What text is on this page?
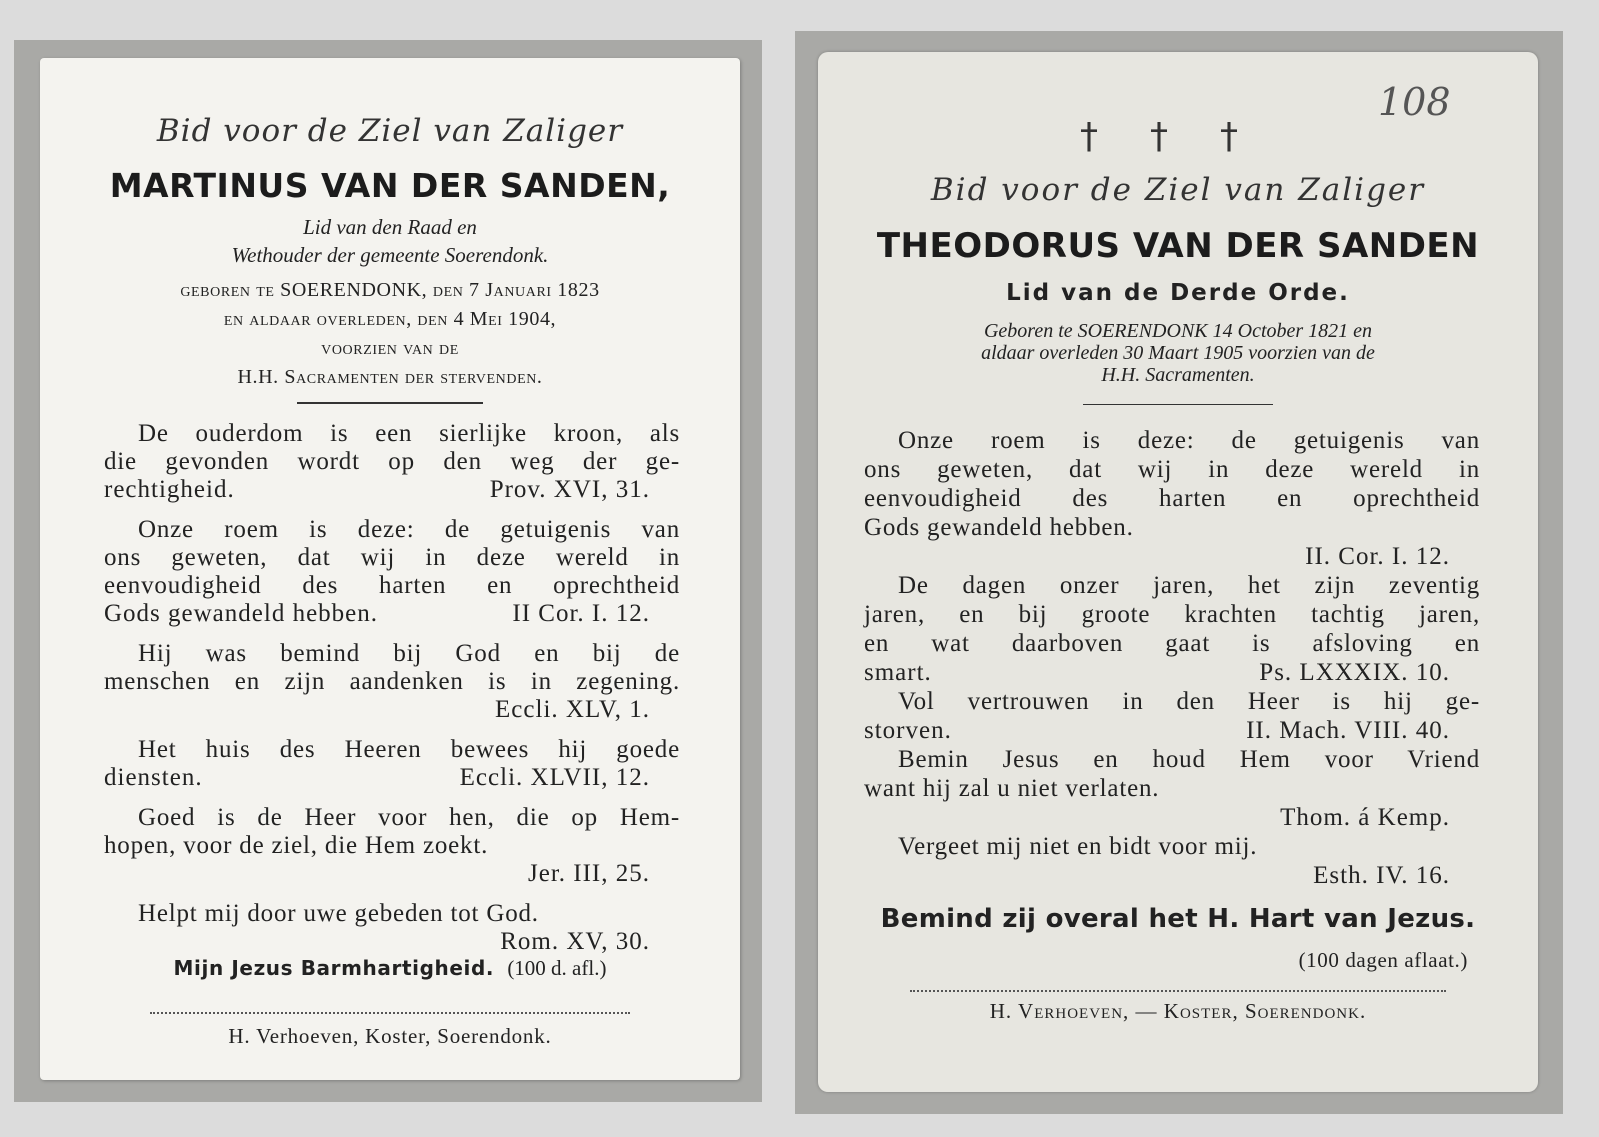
Bid voor de Ziel van Zaliger
MARTINUS VAN DER SANDEN,
Lid van den Raad en
Wethouder der gemeente Soerendonk.
geboren te SOERENDONK, den 7 Januari 1823
en aldaar overleden, den 4 Mei 1904,
voorzien van de
H.H. Sacramenten der stervenden.

De ouderdom is een sierlijke kroon, als

die gevonden wordt op den weg der ge-

rechtigheid.	Prov. XVI, 31.

Onze roem is deze: de getuigenis van

ons geweten, dat wij in deze wereld in

eenvoudigheid des harten en oprechtheid

Gods gewandeld hebben.	II Cor. I. 12.

Hij was bemind bij God en bij de

menschen en zijn aandenken is in zegening.

Eccli. XLV, 1.

Het huis des Heeren bewees hij goede

diensten.	Eccli. XLVII, 12.

Goed is de Heer voor hen, die op Hem-

hopen, voor de ziel, die Hem zoekt.

Jer. III, 25.

Helpt mij door uwe gebeden tot God.

Rom. XV, 30.

Mijn Jezus Barmhartigheid. (100 d. afl.)
H. Verhoeven, Koster, Soerendonk.
108
† † †
Bid voor de Ziel van Zaliger
THEODORUS VAN DER SANDEN
Lid van de Derde Orde.
Geboren te SOERENDONK 14 October 1821 en
aldaar overleden 30 Maart 1905 voorzien van de
H.H. Sacramenten.

Onze roem is deze: de getuigenis van

ons geweten, dat wij in deze wereld in

eenvoudigheid des harten en oprechtheid

Gods gewandeld hebben.

II. Cor. I. 12.

De dagen onzer jaren, het zijn zeventig

jaren, en bij groote krachten tachtig jaren,

en wat daarboven gaat is afsloving en

smart.	Ps. LXXXIX. 10.

Vol vertrouwen in den Heer is hij ge-

storven.	II. Mach. VIII. 40.

Bemin Jesus en houd Hem voor Vriend

want hij zal u niet verlaten.

Thom. á Kemp.

Vergeet mij niet en bidt voor mij.

Esth. IV. 16.

Bemind zij overal het H. Hart van Jezus.
(100 dagen aflaat.)
H. Verhoeven, — Koster, Soerendonk.
